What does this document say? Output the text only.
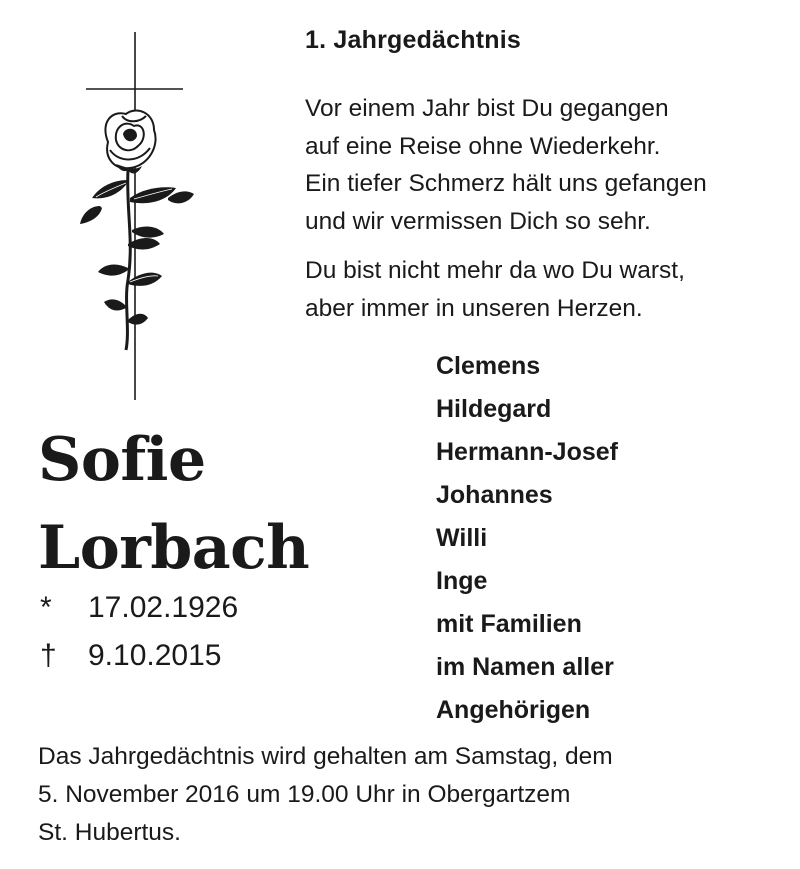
1. Jahrgedächtnis

Vor einem Jahr bist Du gegangen

auf eine Reise ohne Wiederkehr.

Ein tiefer Schmerz hält uns gefangen

und wir vermissen Dich so sehr.

Du bist nicht mehr da wo Du warst,

aber immer in unseren Herzen.

Sofie
Lorbach
* 17.02.1926
† 9.10.2015
Clemens
Hildegard
Hermann-Josef
Johannes
Willi
Inge
mit Familien
im Namen aller
Angehörigen

Das Jahrgedächtnis wird gehalten am Samstag, dem

5. November 2016 um 19.00 Uhr in Obergartzem

St. Hubertus.
